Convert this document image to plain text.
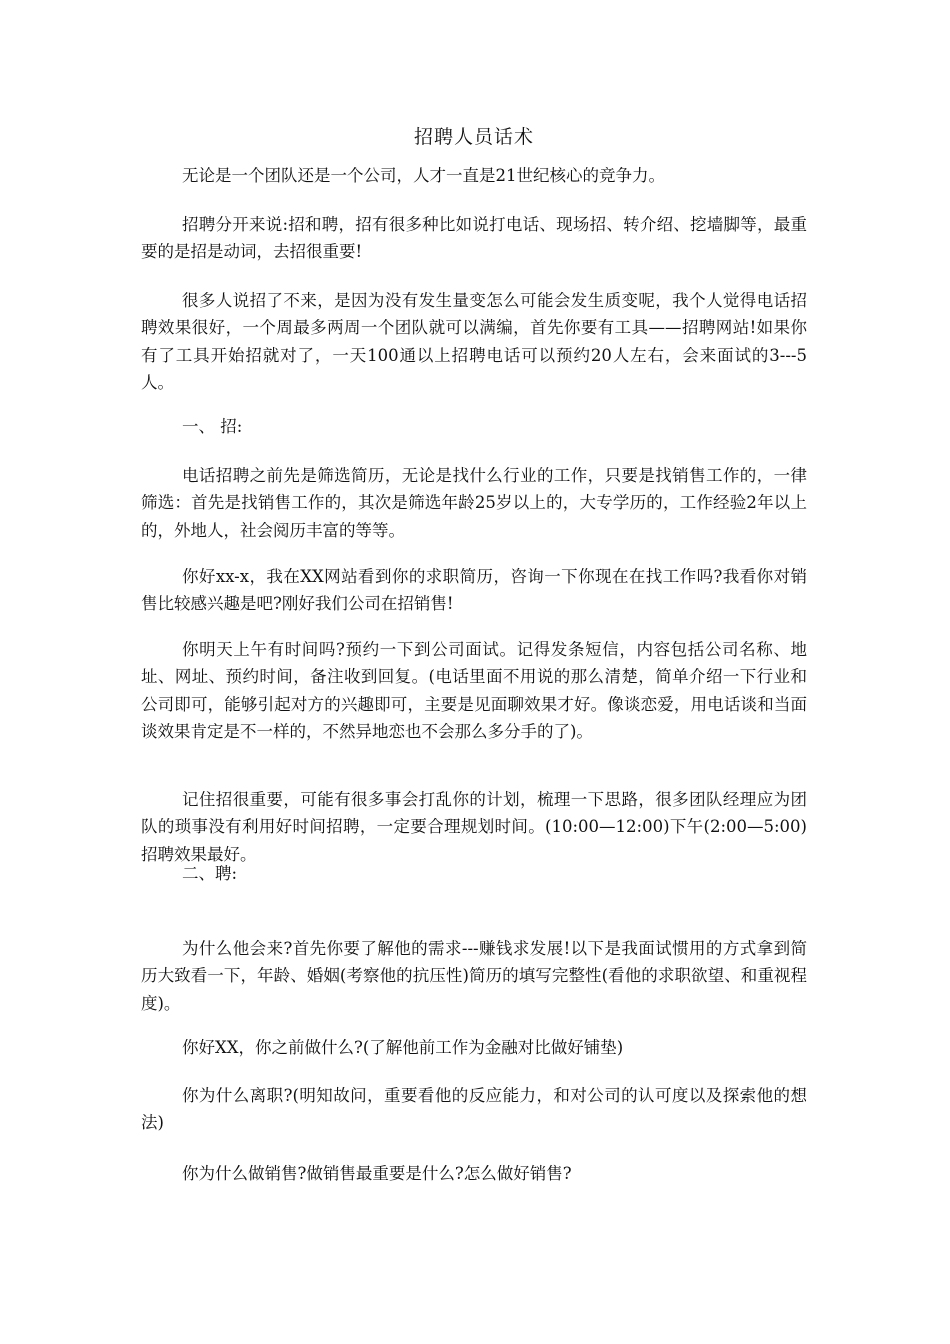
招聘人员话术

无论是一个团队还是一个公司，人才一直是21世纪核心的竞争力。

招聘分开来说:招和聘，招有很多种比如说打电话、现场招、转介绍、挖墙脚等，最重要的是招是动词，去招很重要!

很多人说招了不来，是因为没有发生量变怎么可能会发生质变呢，我个人觉得电话招聘效果很好，一个周最多两周一个团队就可以满编，首先你要有工具——招聘网站!如果你有了工具开始招就对了，一天100通以上招聘电话可以预约20人左右，会来面试的3---5人。

一、 招:

电话招聘之前先是筛选简历，无论是找什么行业的工作，只要是找销售工作的，一律筛选：首先是找销售工作的，其次是筛选年龄25岁以上的，大专学历的，工作经验2年以上的，外地人，社会阅历丰富的等等。

你好xx-x，我在XX网站看到你的求职简历，咨询一下你现在在找工作吗?我看你对销售比较感兴趣是吧?刚好我们公司在招销售!

你明天上午有时间吗?预约一下到公司面试。记得发条短信，内容包括公司名称、地址、网址、预约时间，备注收到回复。(电话里面不用说的那么清楚，简单介绍一下行业和公司即可，能够引起对方的兴趣即可，主要是见面聊效果才好。像谈恋爱，用电话谈和当面谈效果肯定是不一样的，不然异地恋也不会那么多分手的了)。

记住招很重要，可能有很多事会打乱你的计划，梳理一下思路，很多团队经理应为团队的琐事没有利用好时间招聘，一定要合理规划时间。(10:00—12:00)下午(2:00—5:00)招聘效果最好。

二、聘:

为什么他会来?首先你要了解他的需求---赚钱求发展!以下是我面试惯用的方式拿到简历大致看一下，年龄、婚姻(考察他的抗压性)简历的填写完整性(看他的求职欲望、和重视程度)。

你好XX，你之前做什么?(了解他前工作为金融对比做好铺垫)

你为什么离职?(明知故问，重要看他的反应能力，和对公司的认可度以及探索他的想法)

你为什么做销售?做销售最重要是什么?怎么做好销售?
